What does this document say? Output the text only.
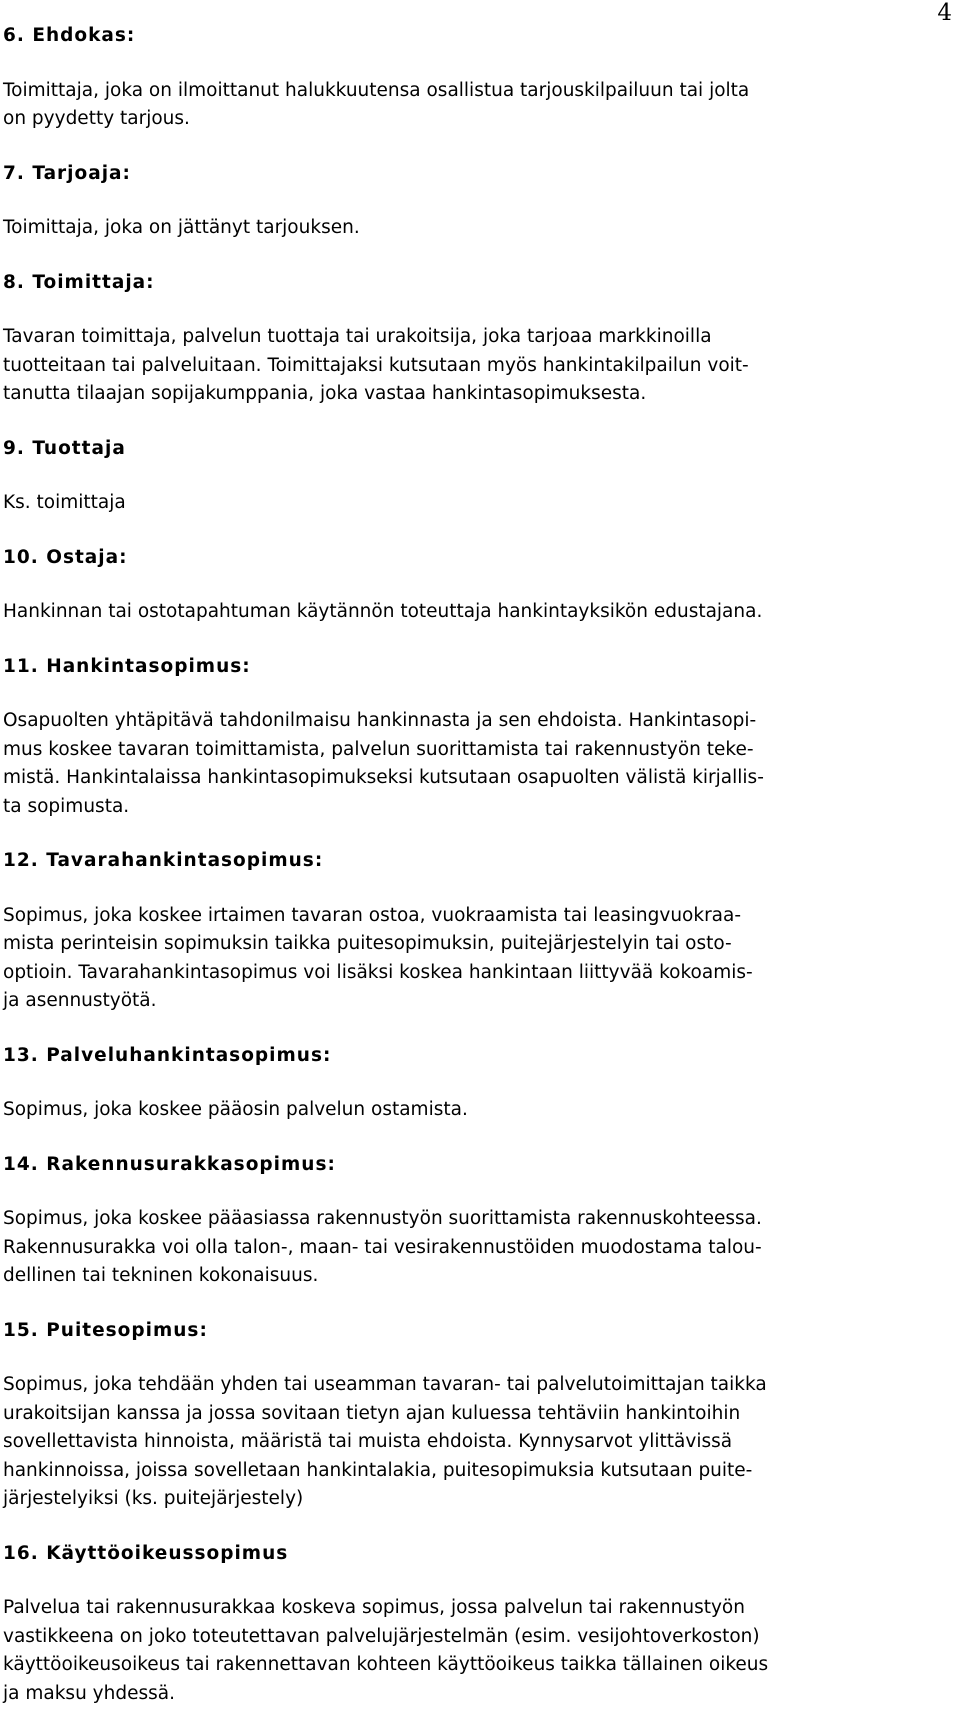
4
6. Ehdokas:
Toimittaja, joka on ilmoittanut halukkuutensa osallistua tarjouskilpailuun tai jolta
on pyydetty tarjous.
7. Tarjoaja:
Toimittaja, joka on jättänyt tarjouksen.
8. Toimittaja:
Tavaran toimittaja, palvelun tuottaja tai urakoitsija, joka tarjoaa markkinoilla
tuotteitaan tai palveluitaan. Toimittajaksi kutsutaan myös hankintakilpailun voit-
tanutta tilaajan sopijakumppania, joka vastaa hankintasopimuksesta.
9. Tuottaja
Ks. toimittaja
10. Ostaja:
Hankinnan tai ostotapahtuman käytännön toteuttaja hankintayksikön edustajana.
11. Hankintasopimus:
Osapuolten yhtäpitävä tahdonilmaisu hankinnasta ja sen ehdoista. Hankintasopi-
mus koskee tavaran toimittamista, palvelun suorittamista tai rakennustyön teke-
mistä. Hankintalaissa hankintasopimukseksi kutsutaan osapuolten välistä kirjallis-
ta sopimusta.
12. Tavarahankintasopimus:
Sopimus, joka koskee irtaimen tavaran ostoa, vuokraamista tai leasingvuokraa-
mista perinteisin sopimuksin taikka puitesopimuksin, puitejärjestelyin tai osto-
optioin. Tavarahankintasopimus voi lisäksi koskea hankintaan liittyvää kokoamis-
ja asennustyötä.
13. Palveluhankintasopimus:
Sopimus, joka koskee pääosin palvelun ostamista.
14. Rakennusurakkasopimus:
Sopimus, joka koskee pääasiassa rakennustyön suorittamista rakennuskohteessa.
Rakennusurakka voi olla talon-, maan- tai vesirakennustöiden muodostama talou-
dellinen tai tekninen kokonaisuus.
15. Puitesopimus:
Sopimus, joka tehdään yhden tai useamman tavaran- tai palvelutoimittajan taikka
urakoitsijan kanssa ja jossa sovitaan tietyn ajan kuluessa tehtäviin hankintoihin
sovellettavista hinnoista, määristä tai muista ehdoista. Kynnysarvot ylittävissä
hankinnoissa, joissa sovelletaan hankintalakia, puitesopimuksia kutsutaan puite-
järjestelyiksi (ks. puitejärjestely)
16. Käyttöoikeussopimus
Palvelua tai rakennusurakkaa koskeva sopimus, jossa palvelun tai rakennustyön
vastikkeena on joko toteutettavan palvelujärjestelmän (esim. vesijohtoverkoston)
käyttöoikeusoikeus tai rakennettavan kohteen käyttöoikeus taikka tällainen oikeus
ja maksu yhdessä.
